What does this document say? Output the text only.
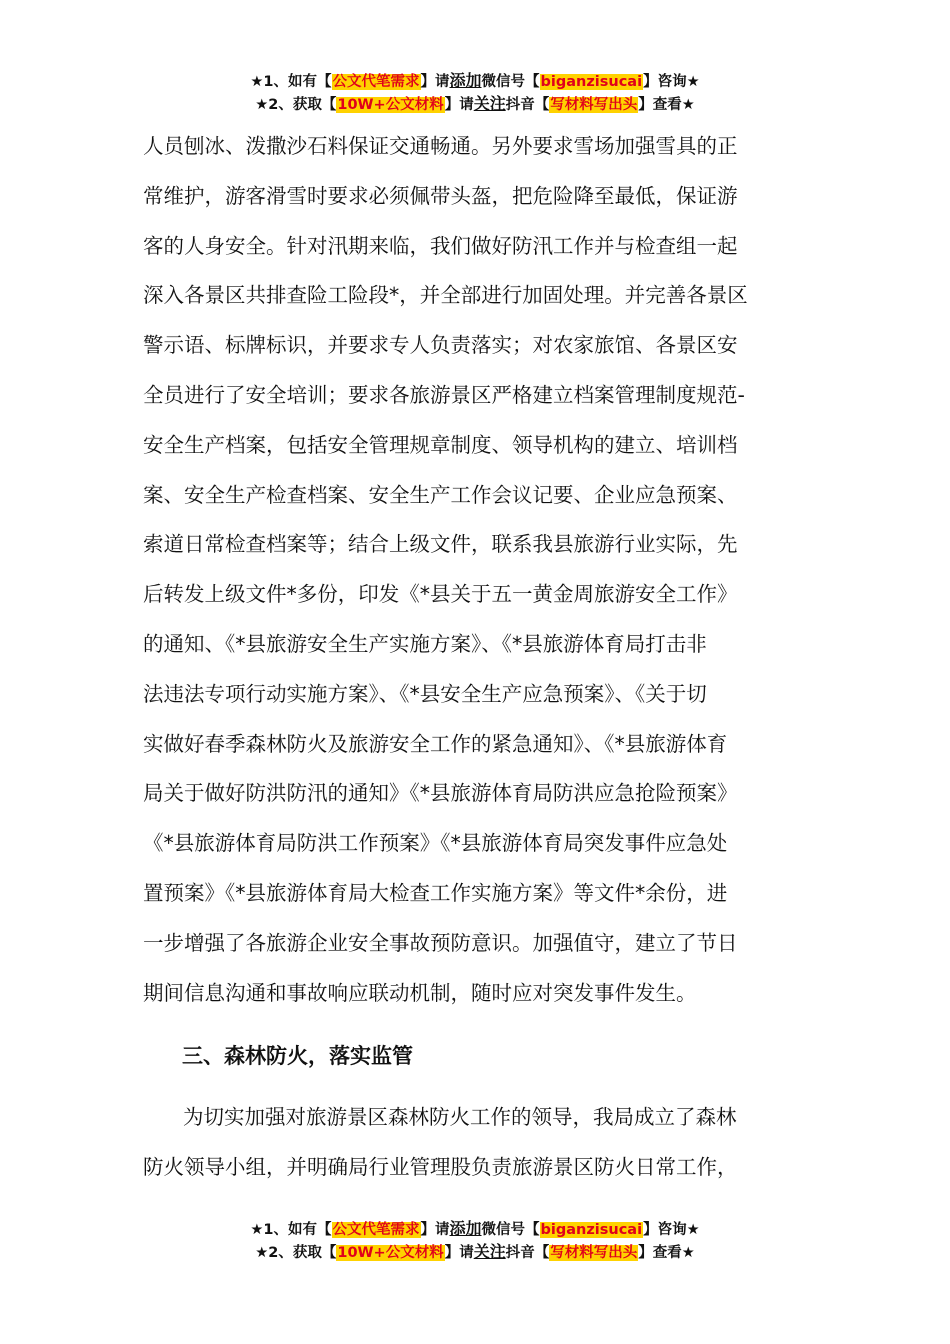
★1、如有【公文代笔需求】请添加微信号【biganzisucai】咨询★
★2、获取【10W+公文材料】请关注抖音【写材料写出头】查看★
人员刨冰、泼撒沙石料保证交通畅通。另外要求雪场加强雪具的正
常维护，游客滑雪时要求必须佩带头盔，把危险降至最低，保证游
客的人身安全。针对汛期来临，我们做好防汛工作并与检查组一起
深入各景区共排查险工险段*，并全部进行加固处理。并完善各景区
警示语、标牌标识，并要求专人负责落实；对农家旅馆、各景区安
全员进行了安全培训；要求各旅游景区严格建立档案管理制度规范-
安全生产档案，包括安全管理规章制度、领导机构的建立、培训档
案、安全生产检查档案、安全生产工作会议记要、企业应急预案、
索道日常检查档案等；结合上级文件，联系我县旅游行业实际，先
后转发上级文件*多份，印发《*县关于五一黄金周旅游安全工作》
的通知、《*县旅游安全生产实施方案》、《*县旅游体育局打击非
法违法专项行动实施方案》、《*县安全生产应急预案》、《关于切
实做好春季森林防火及旅游安全工作的紧急通知》、《*县旅游体育
局关于做好防洪防汛的通知》《*县旅游体育局防洪应急抢险预案》
《*县旅游体育局防洪工作预案》《*县旅游体育局突发事件应急处
置预案》《*县旅游体育局大检查工作实施方案》等文件*余份，进
一步增强了各旅游企业安全事故预防意识。加强值守，建立了节日
期间信息沟通和事故响应联动机制，随时应对突发事件发生。
三、森林防火，落实监管
为切实加强对旅游景区森林防火工作的领导，我局成立了森林
防火领导小组，并明确局行业管理股负责旅游景区防火日常工作，
★1、如有【公文代笔需求】请添加微信号【biganzisucai】咨询★
★2、获取【10W+公文材料】请关注抖音【写材料写出头】查看★
